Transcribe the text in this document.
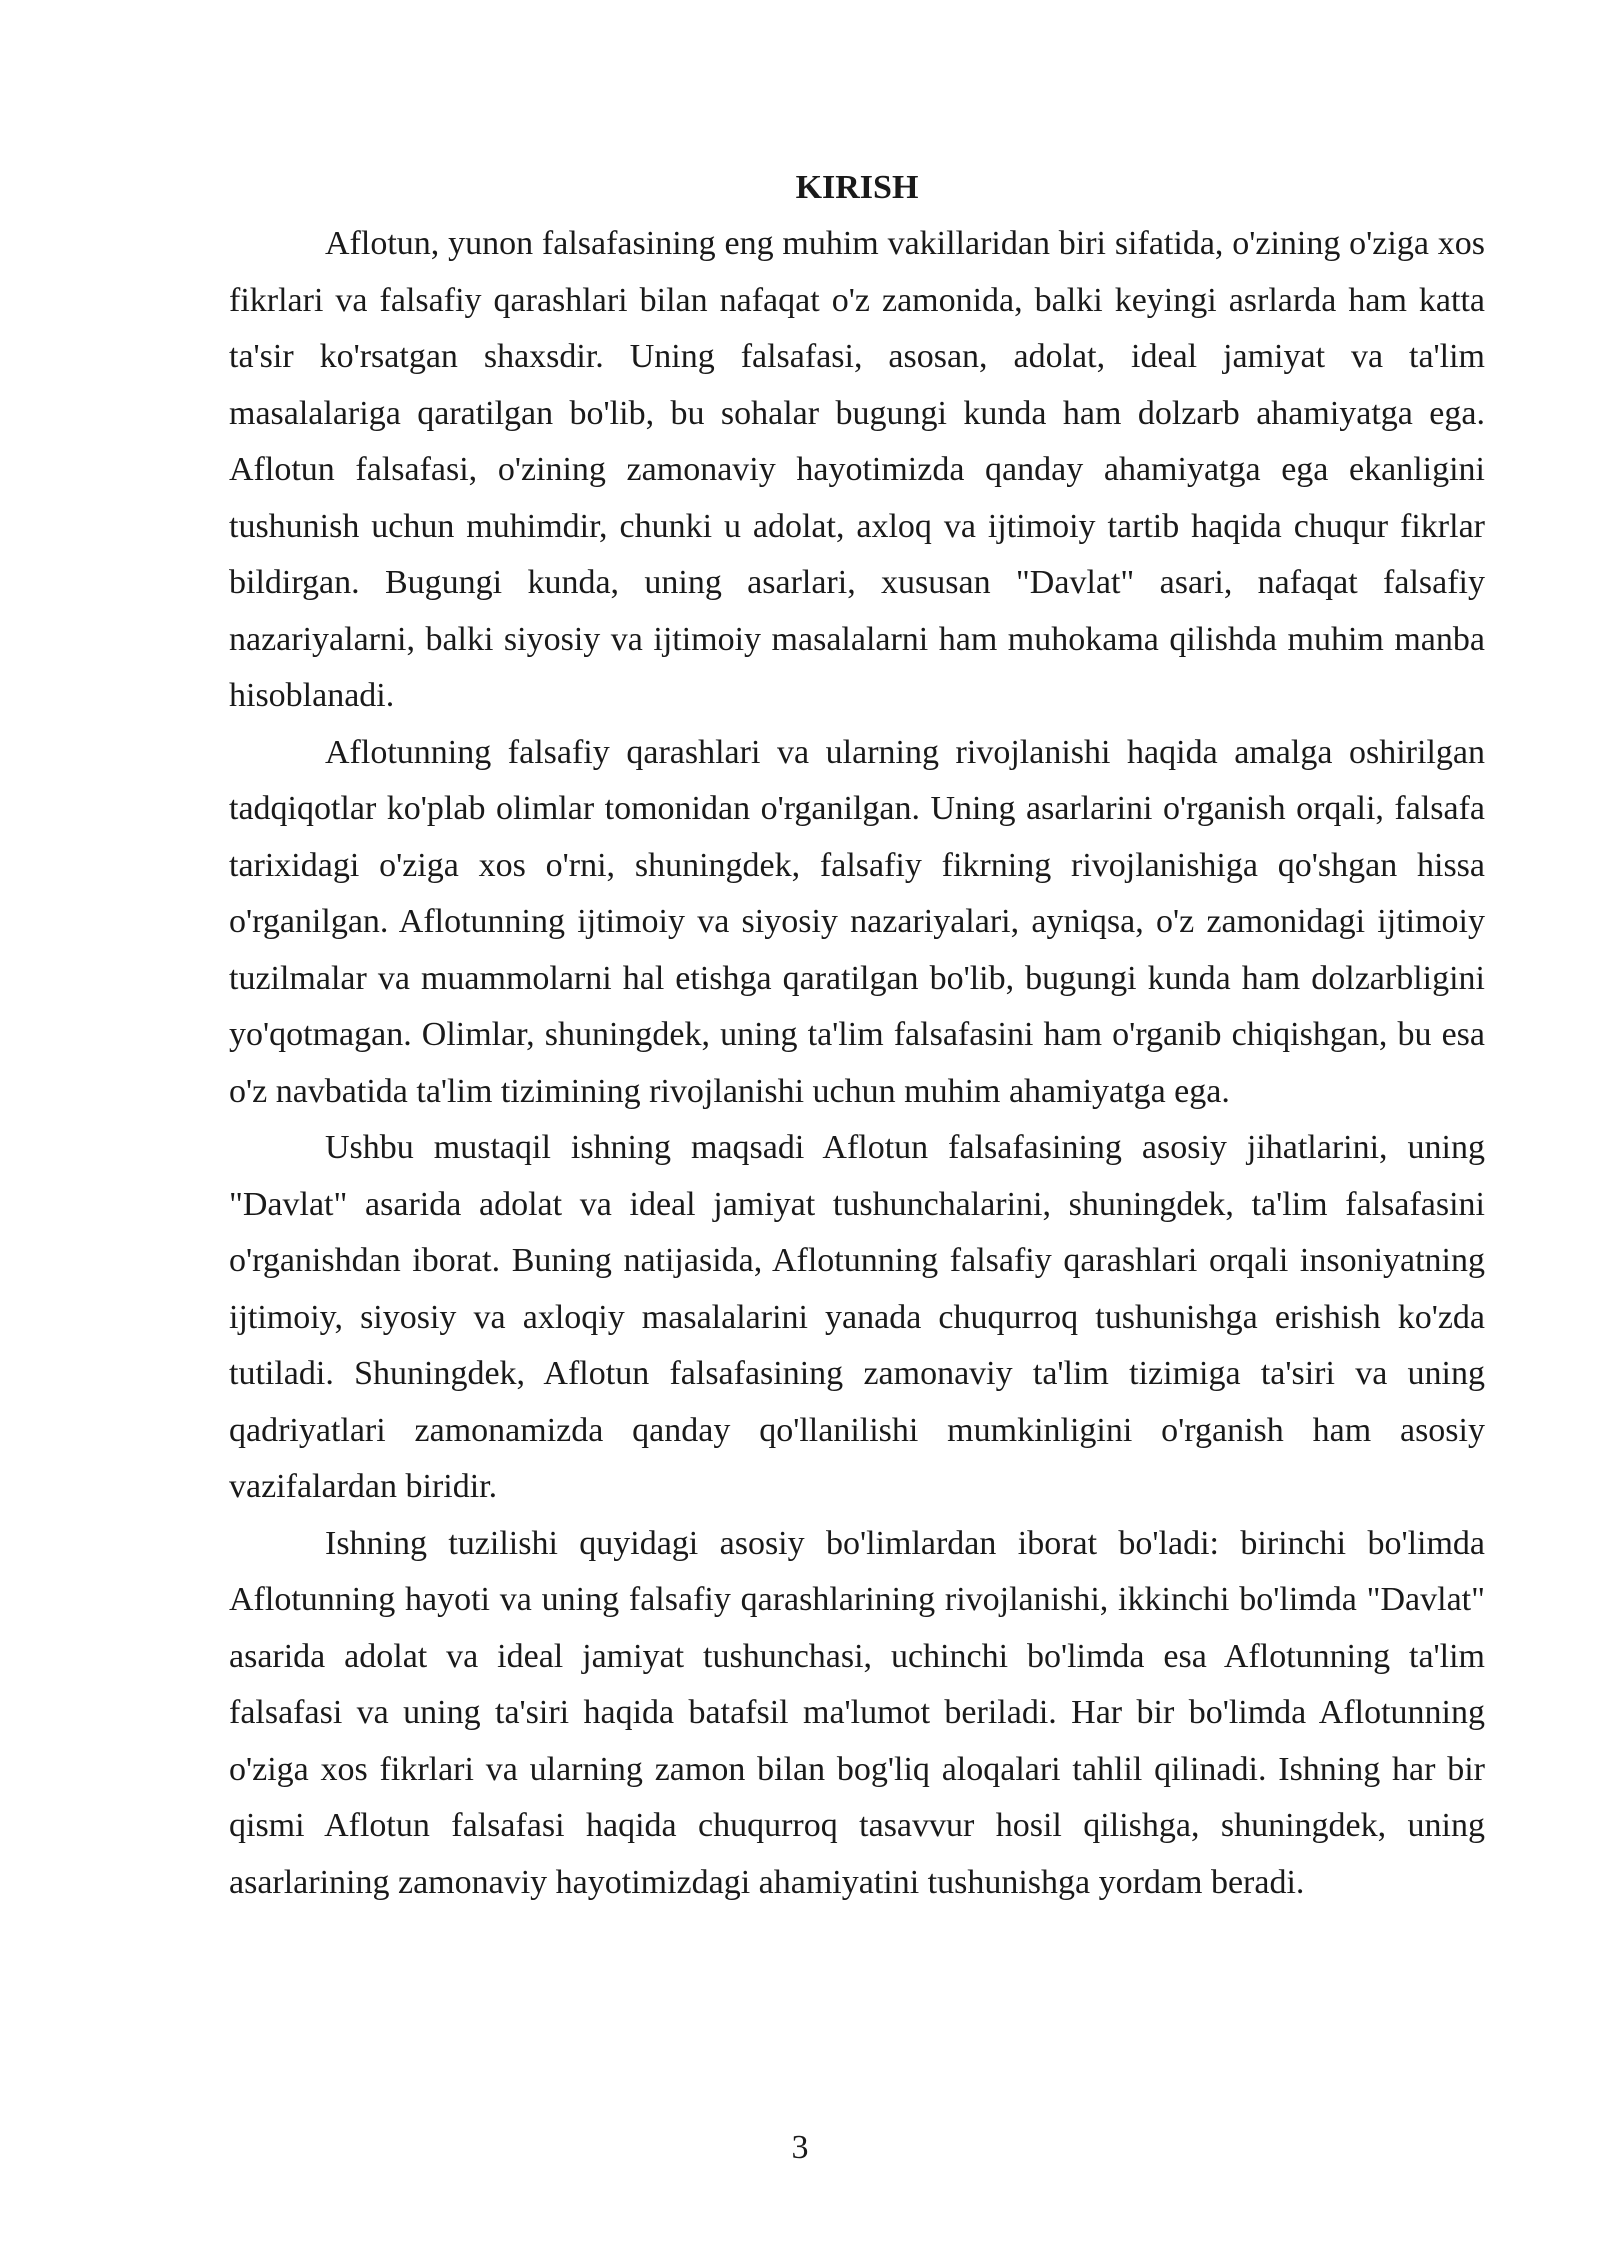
KIRISH

Aflotun, yunon falsafasining eng muhim vakillaridan biri sifatida, o'zining o'ziga xos fikrlari va falsafiy qarashlari bilan nafaqat o'z zamonida, balki keyingi asrlarda ham katta ta'sir ko'rsatgan shaxsdir. Uning falsafasi, asosan, adolat, ideal jamiyat va ta'lim masalalariga qaratilgan bo'lib, bu sohalar bugungi kunda ham dolzarb ahamiyatga ega. Aflotun falsafasi, o'zining zamonaviy hayotimizda qanday ahamiyatga ega ekanligini tushunish uchun muhimdir, chunki u adolat, axloq va ijtimoiy tartib haqida chuqur fikrlar bildirgan. Bugungi kunda, uning asarlari, xususan "Davlat" asari, nafaqat falsafiy nazariyalarni, balki siyosiy va ijtimoiy masalalarni ham muhokama qilishda muhim manba hisoblanadi.

Aflotunning falsafiy qarashlari va ularning rivojlanishi haqida amalga oshirilgan tadqiqotlar ko'plab olimlar tomonidan o'rganilgan. Uning asarlarini o'rganish orqali, falsafa tarixidagi o'ziga xos o'rni, shuningdek, falsafiy fikrning rivojlanishiga qo'shgan hissa o'rganilgan. Aflotunning ijtimoiy va siyosiy nazariyalari, ayniqsa, o'z zamonidagi ijtimoiy tuzilmalar va muammolarni hal etishga qaratilgan bo'lib, bugungi kunda ham dolzarbligini yo'qotmagan. Olimlar, shuningdek, uning ta'lim falsafasini ham o'rganib chiqishgan, bu esa o'z navbatida ta'lim tizimining rivojlanishi uchun muhim ahamiyatga ega.

Ushbu mustaqil ishning maqsadi Aflotun falsafasining asosiy jihatlarini, uning "Davlat" asarida adolat va ideal jamiyat tushunchalarini, shuningdek, ta'lim falsafasini o'rganishdan iborat. Buning natijasida, Aflotunning falsafiy qarashlari orqali insoniyatning ijtimoiy, siyosiy va axloqiy masalalarini yanada chuqurroq tushunishga erishish ko'zda tutiladi. Shuningdek, Aflotun falsafasining zamonaviy ta'lim tizimiga ta'siri va uning qadriyatlari zamonamizda qanday qo'llanilishi mumkinligini o'rganish ham asosiy vazifalardan biridir.

Ishning tuzilishi quyidagi asosiy bo'limlardan iborat bo'ladi: birinchi bo'limda Aflotunning hayoti va uning falsafiy qarashlarining rivojlanishi, ikkinchi bo'limda "Davlat" asarida adolat va ideal jamiyat tushunchasi, uchinchi bo'limda esa Aflotunning ta'lim falsafasi va uning ta'siri haqida batafsil ma'lumot beriladi. Har bir bo'limda Aflotunning o'ziga xos fikrlari va ularning zamon bilan bog'liq aloqalari tahlil qilinadi. Ishning har bir qismi Aflotun falsafasi haqida chuqurroq tasavvur hosil qilishga, shuningdek, uning asarlarining zamonaviy hayotimizdagi ahamiyatini tushunishga yordam beradi.

3
